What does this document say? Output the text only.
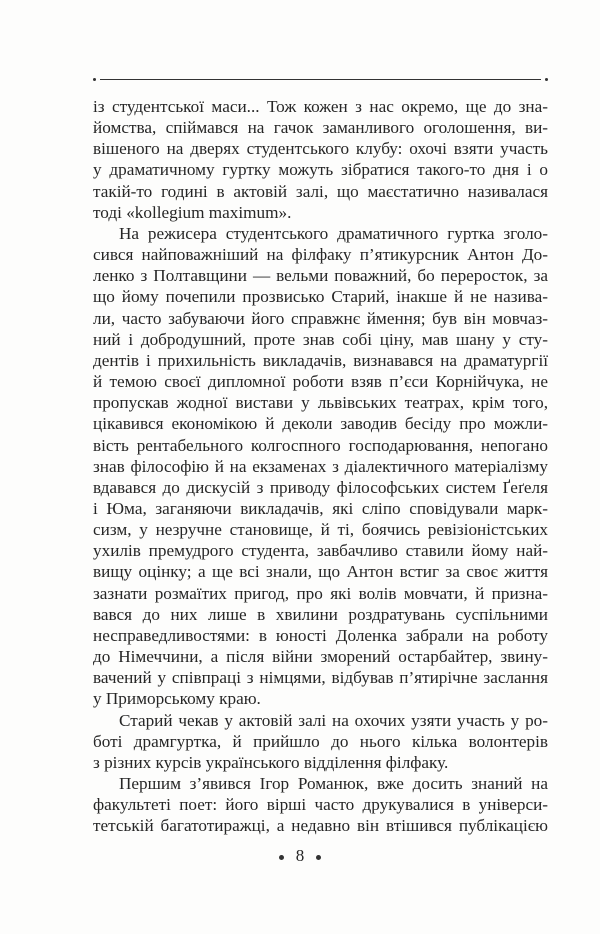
із студентської маси... Тож кожен з нас окремо, ще до зна-
йомства, спіймався на гачок заманливого оголошення, ви-
вішеного на дверях студентського клубу: охочі взяти участь
у драматичному гуртку можуть зібратися такого-то дня і о
такій-то годині в актовій залі, що маєстатично називалася
тоді «kollegium maximum».
На режисера студентського драматичного гуртка зголо-
сився найповажніший на філфаку п’ятикурсник Антон До-
ленко з Полтавщини — вельми поважний, бо переросток, за
що йому почепили прозвисько Старий, інакше й не назива-
ли, часто забуваючи його справжнє ймення; був він мовчаз-
ний і добродушний, проте знав собі ціну, мав шану у сту-
дентів і прихильність викладачів, визнавався на драматургії
й темою своєї дипломної роботи взяв п’єси Корнійчука, не
пропускав жодної вистави у львівських театрах, крім того,
цікавився економікою й деколи заводив бесіду про можли-
вість рентабельного колгоспного господарювання, непогано
знав філософію й на екзаменах з діалектичного матеріалізму
вдавався до дискусій з приводу філософських систем Ґеґеля
і Юма, заганяючи викладачів, які сліпо сповідували марк-
сизм, у незручне становище, й ті, боячись ревізіоністських
ухилів премудрого студента, завбачливо ставили йому най-
вищу оцінку; а ще всі знали, що Антон встиг за своє життя
зазнати розмаїтих пригод, про які волів мовчати, й призна-
вався до них лише в хвилини роздратувань суспільними
несправедливостями: в юності Доленка забрали на роботу
до Німеччини, а після війни зморений остарбайтер, звину-
вачений у співпраці з німцями, відбував п’ятирічне заслання
у Приморському краю.
Старий чекав у актовій залі на охочих узяти участь у ро-
боті драмгуртка, й прийшло до нього кілька волонтерів
з різних курсів українського відділення філфаку.
Першим з’явився Ігор Романюк, вже досить знаний на
факультеті поет: його вірші часто друкувалися в універси-
тетській багатотиражці, а недавно він втішився публікацією
8
